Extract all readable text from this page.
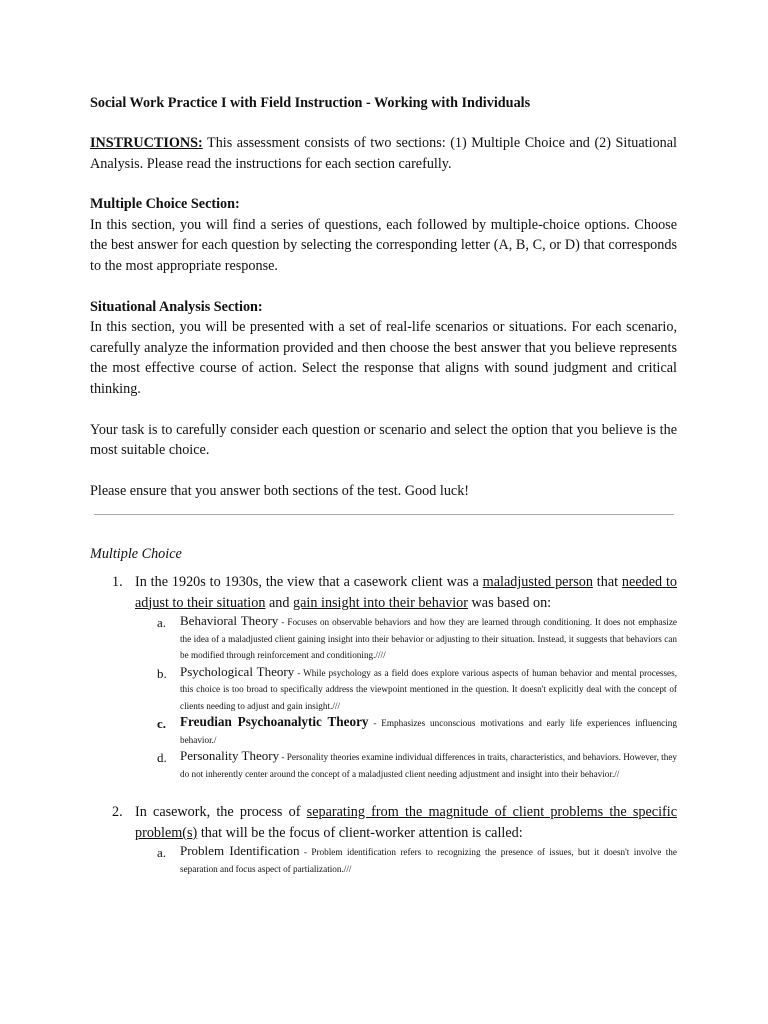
Social Work Practice I with Field Instruction - Working with Individuals

INSTRUCTIONS: This assessment consists of two sections: (1) Multiple Choice and (2) Situational Analysis. Please read the instructions for each section carefully.

Multiple Choice Section:

In this section, you will find a series of questions, each followed by multiple-choice options. Choose the best answer for each question by selecting the corresponding letter (A, B, C, or D) that corresponds to the most appropriate response.

Situational Analysis Section:

In this section, you will be presented with a set of real-life scenarios or situations. For each scenario, carefully analyze the information provided and then choose the best answer that you believe represents the most effective course of action. Select the response that aligns with sound judgment and critical thinking.

Your task is to carefully consider each question or scenario and select the option that you believe is the most suitable choice.

Please ensure that you answer both sections of the test. Good luck!

Multiple Choice

1. In the 1920s to 1930s, the view that a casework client was a maladjusted person that needed to adjust to their situation and gain insight into their behavior was based on:

a. Behavioral Theory - Focuses on observable behaviors and how they are learned through conditioning. It does not emphasize the idea of a maladjusted client gaining insight into their behavior or adjusting to their situation. Instead, it suggests that behaviors can be modified through reinforcement and conditioning.////

b. Psychological Theory - While psychology as a field does explore various aspects of human behavior and mental processes, this choice is too broad to specifically address the viewpoint mentioned in the question. It doesn't explicitly deal with the concept of clients needing to adjust and gain insight.///

c. Freudian Psychoanalytic Theory - Emphasizes unconscious motivations and early life experiences influencing behavior./

d. Personality Theory - Personality theories examine individual differences in traits, characteristics, and behaviors. However, they do not inherently center around the concept of a maladjusted client needing adjustment and insight into their behavior.//

2. In casework, the process of separating from the magnitude of client problems the specific problem(s) that will be the focus of client-worker attention is called:

a. Problem Identification - Problem identification refers to recognizing the presence of issues, but it doesn't involve the separation and focus aspect of partialization.///
